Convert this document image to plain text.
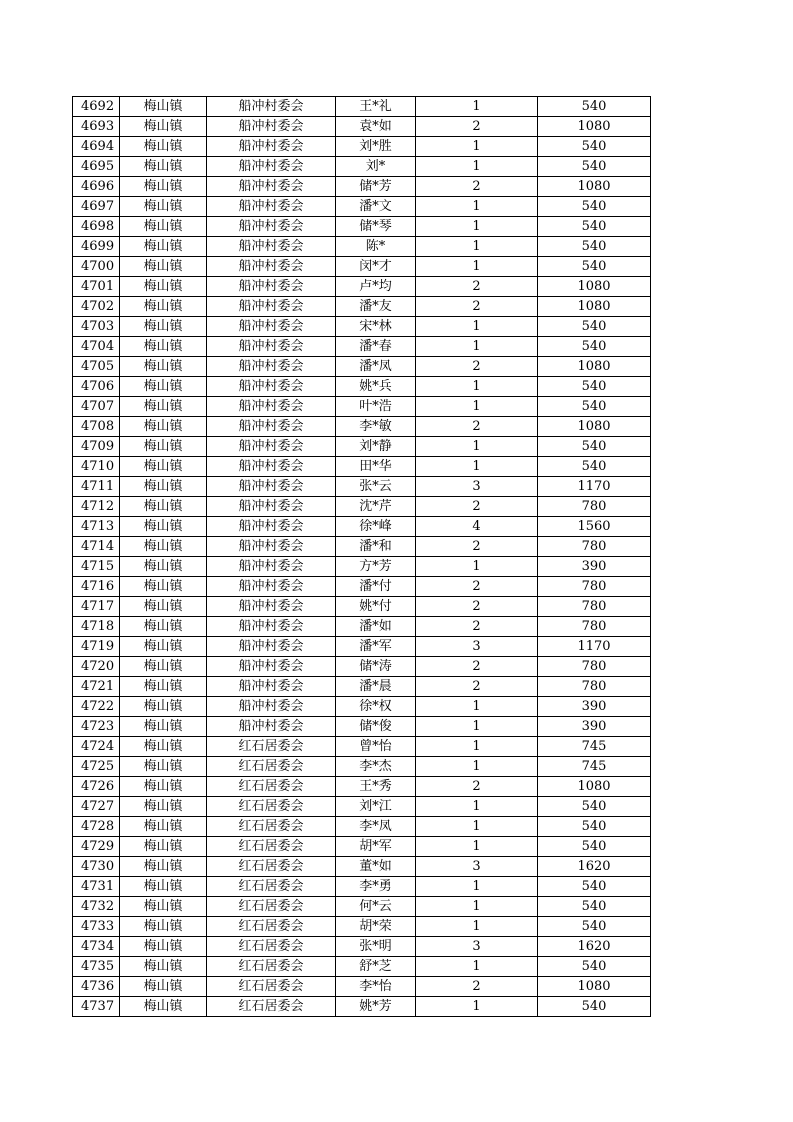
4692	梅山镇	船冲村委会	王*礼	1	540
4693	梅山镇	船冲村委会	袁*如	2	1080
4694	梅山镇	船冲村委会	刘*胜	1	540
4695	梅山镇	船冲村委会	刘*	1	540
4696	梅山镇	船冲村委会	储*芳	2	1080
4697	梅山镇	船冲村委会	潘*文	1	540
4698	梅山镇	船冲村委会	储*琴	1	540
4699	梅山镇	船冲村委会	陈*	1	540
4700	梅山镇	船冲村委会	闵*才	1	540
4701	梅山镇	船冲村委会	卢*均	2	1080
4702	梅山镇	船冲村委会	潘*友	2	1080
4703	梅山镇	船冲村委会	宋*林	1	540
4704	梅山镇	船冲村委会	潘*春	1	540
4705	梅山镇	船冲村委会	潘*凤	2	1080
4706	梅山镇	船冲村委会	姚*兵	1	540
4707	梅山镇	船冲村委会	叶*浩	1	540
4708	梅山镇	船冲村委会	李*敏	2	1080
4709	梅山镇	船冲村委会	刘*静	1	540
4710	梅山镇	船冲村委会	田*华	1	540
4711	梅山镇	船冲村委会	张*云	3	1170
4712	梅山镇	船冲村委会	沈*芹	2	780
4713	梅山镇	船冲村委会	徐*峰	4	1560
4714	梅山镇	船冲村委会	潘*和	2	780
4715	梅山镇	船冲村委会	方*芳	1	390
4716	梅山镇	船冲村委会	潘*付	2	780
4717	梅山镇	船冲村委会	姚*付	2	780
4718	梅山镇	船冲村委会	潘*如	2	780
4719	梅山镇	船冲村委会	潘*军	3	1170
4720	梅山镇	船冲村委会	储*涛	2	780
4721	梅山镇	船冲村委会	潘*晨	2	780
4722	梅山镇	船冲村委会	徐*权	1	390
4723	梅山镇	船冲村委会	储*俊	1	390
4724	梅山镇	红石居委会	曾*怡	1	745
4725	梅山镇	红石居委会	李*杰	1	745
4726	梅山镇	红石居委会	王*秀	2	1080
4727	梅山镇	红石居委会	刘*江	1	540
4728	梅山镇	红石居委会	李*凤	1	540
4729	梅山镇	红石居委会	胡*军	1	540
4730	梅山镇	红石居委会	董*如	3	1620
4731	梅山镇	红石居委会	李*勇	1	540
4732	梅山镇	红石居委会	何*云	1	540
4733	梅山镇	红石居委会	胡*荣	1	540
4734	梅山镇	红石居委会	张*明	3	1620
4735	梅山镇	红石居委会	舒*芝	1	540
4736	梅山镇	红石居委会	李*怡	2	1080
4737	梅山镇	红石居委会	姚*芳	1	540
